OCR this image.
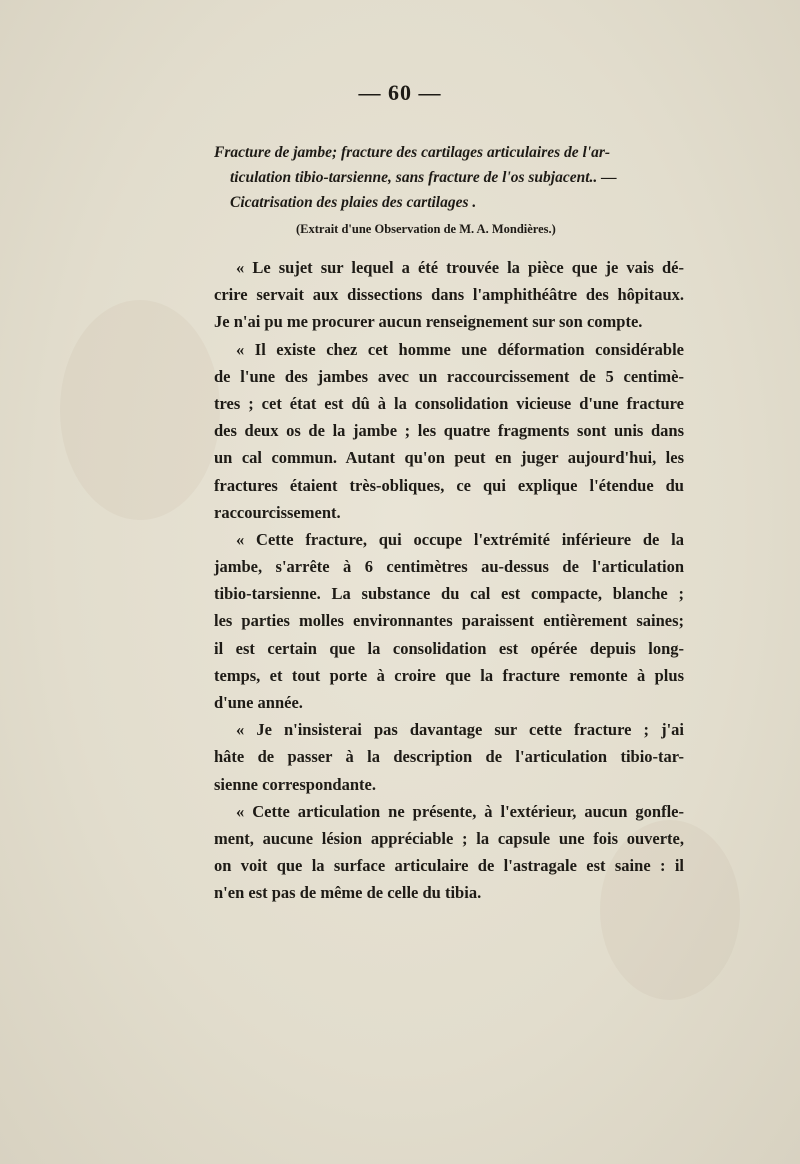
— 60 —
Fracture de jambe; fracture des cartilages articulaires de l'ar-
ticulation tibio-tarsienne, sans fracture de l'os subjacent.. —
Cicatrisation des plaies des cartilages .
(Extrait d'une Observation de M. A. Mondières.)
« Le sujet sur lequel a été trouvée la pièce que je vais dé-
crire servait aux dissections dans l'amphithéâtre des hôpitaux.
Je n'ai pu me procurer aucun renseignement sur son compte.
« Il existe chez cet homme une déformation considérable
de l'une des jambes avec un raccourcissement de 5 centimè-
tres ; cet état est dû à la consolidation vicieuse d'une fracture
des deux os de la jambe ; les quatre fragments sont unis dans
un cal commun. Autant qu'on peut en juger aujourd'hui, les
fractures étaient très-obliques, ce qui explique l'étendue du
raccourcissement.
« Cette fracture, qui occupe l'extrémité inférieure de la
jambe, s'arrête à 6 centimètres au-dessus de l'articulation
tibio-tarsienne. La substance du cal est compacte, blanche ;
les parties molles environnantes paraissent entièrement saines;
il est certain que la consolidation est opérée depuis long-
temps, et tout porte à croire que la fracture remonte à plus
d'une année.
« Je n'insisterai pas davantage sur cette fracture ; j'ai
hâte de passer à la description de l'articulation tibio-tar-
sienne correspondante.
« Cette articulation ne présente, à l'extérieur, aucun gonfle-
ment, aucune lésion appréciable ; la capsule une fois ouverte,
on voit que la surface articulaire de l'astragale est saine : il
n'en est pas de même de celle du tibia.
